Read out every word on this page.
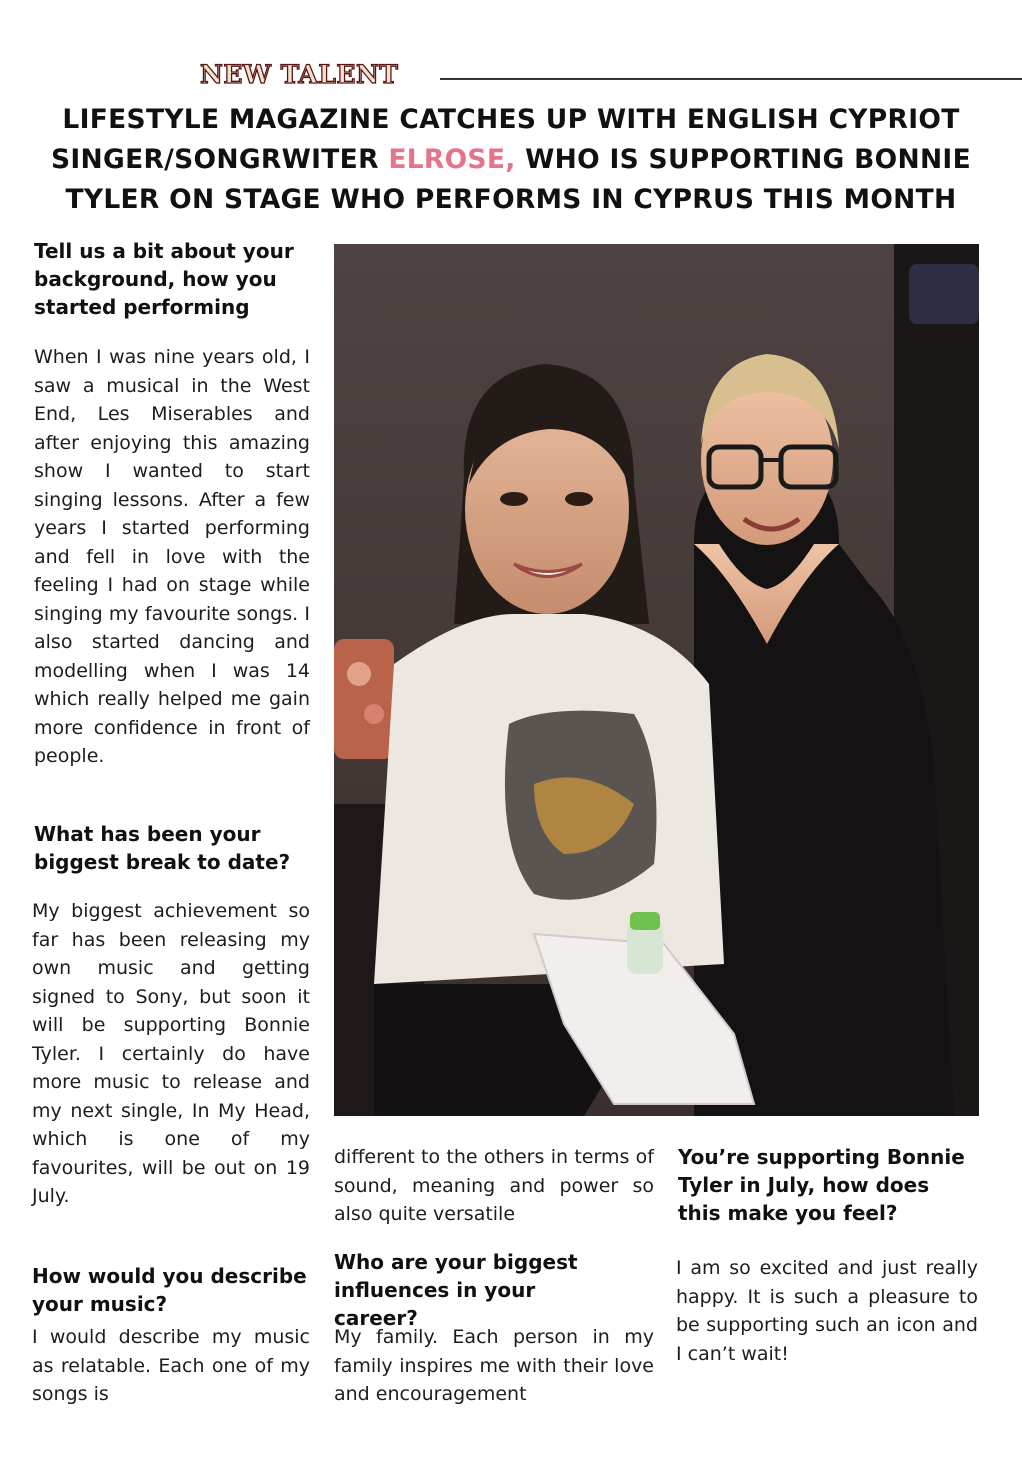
NEW TALENT
LIFESTYLE MAGAZINE CATCHES UP WITH ENGLISH CYPRIOT SINGER/SONGRWITER ELROSE, WHO IS SUPPORTING BONNIE TYLER ON STAGE WHO PERFORMS IN CYPRUS THIS MONTH
Tell us a bit about your background, how you started performing

When I was nine years old, I saw a musical in the West End, Les Miserables and after enjoying this amazing show I wanted to start singing lessons. After a few years I started performing and fell in love with the feeling I had on stage while singing my favourite songs. I also started dancing and modelling when I was 14 which really helped me gain more confidence in front of people.

What has been your biggest break to date?

My biggest achievement so far has been releasing my own music and getting signed to Sony, but soon it will be supporting Bonnie Tyler. I certainly do have more music to release and my next single, In My Head, which is one of my favourites, will be out on 19 July.

How would you describe your music?

I would describe my music as relatable. Each one of my songs is

different to the others in terms of sound, meaning and power so also quite versatile

Who are your biggest influences in your career?

My family. Each person in my family inspires me with their love and encouragement

You’re supporting Bonnie Tyler in July, how does this make you feel?

I am so excited and just really happy. It is such a pleasure to be supporting such an icon and I can’t wait!
